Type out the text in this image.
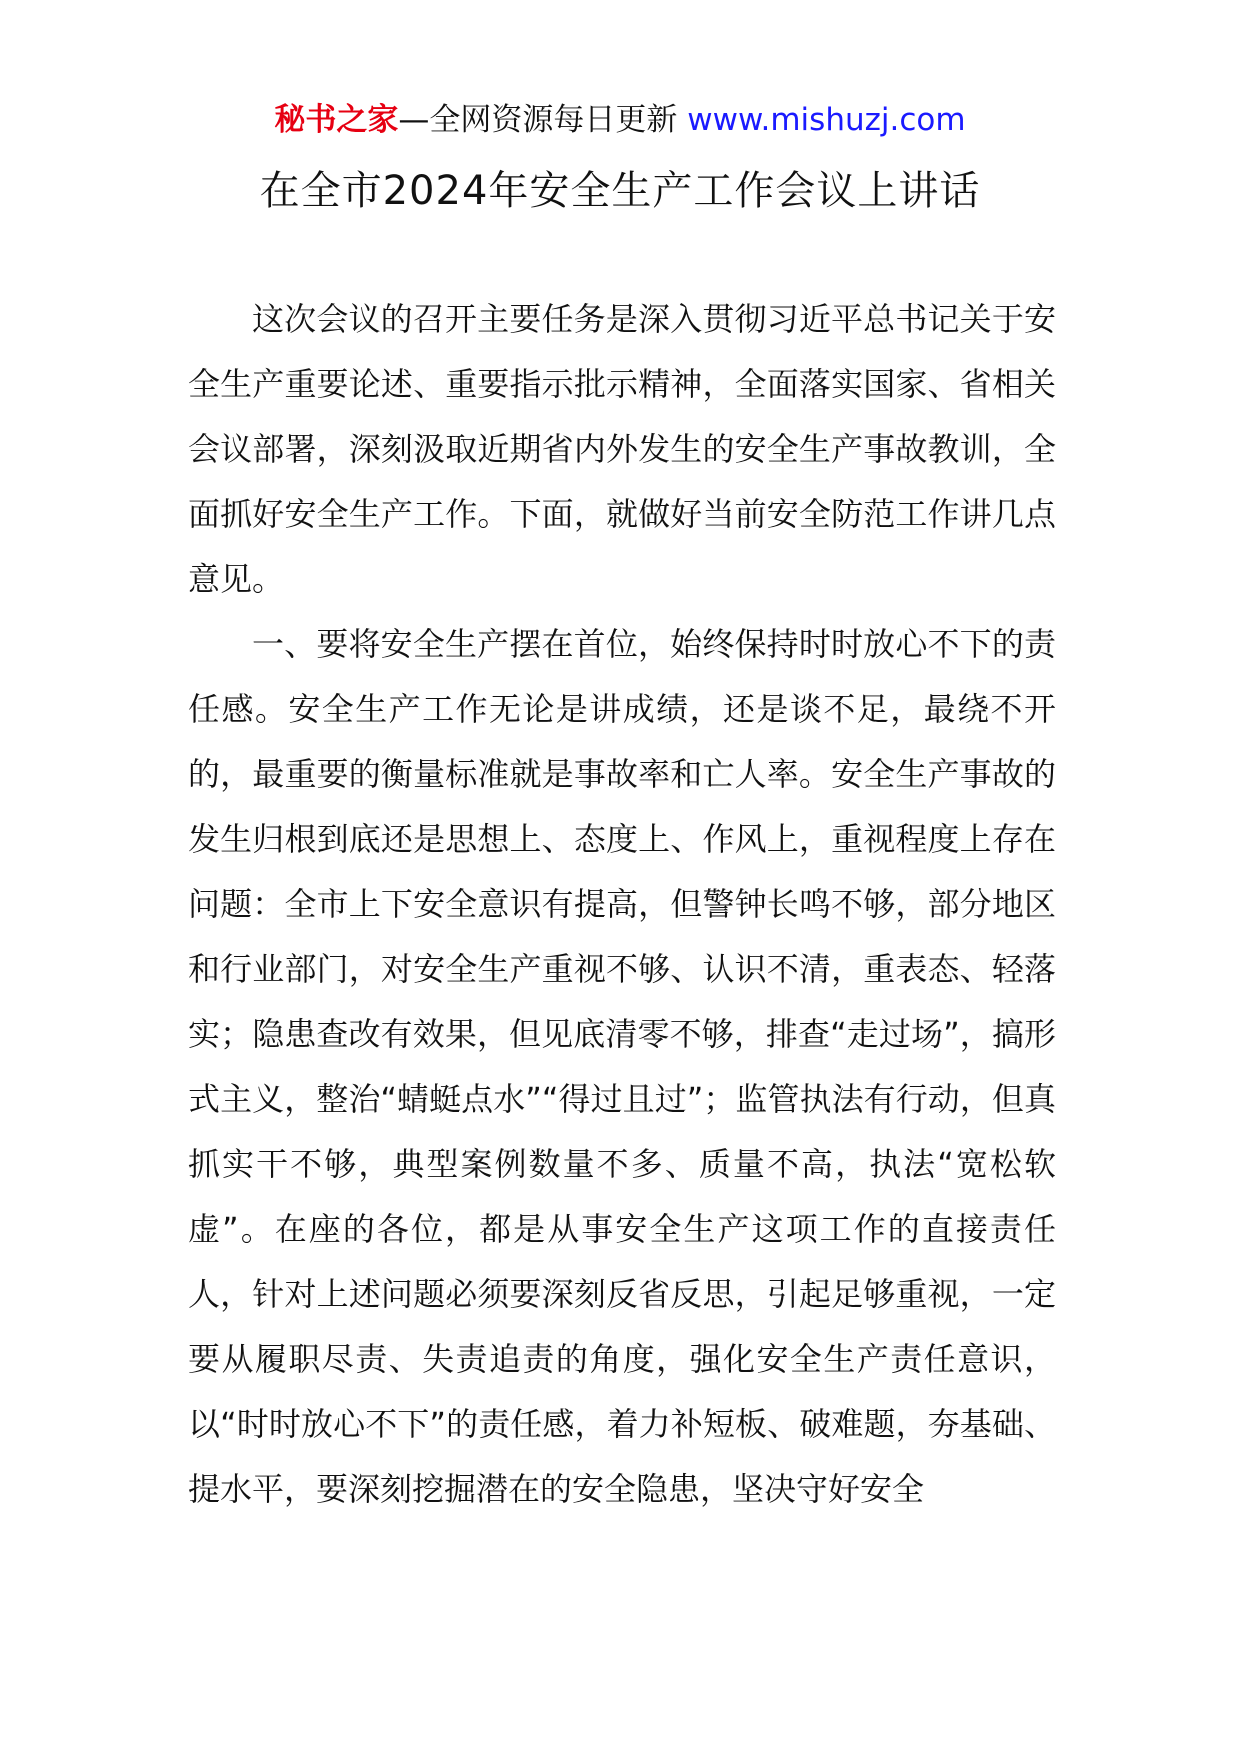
秘书之家—全网资源每日更新 www.mishuzj.com
在全市2024年安全生产工作会议上讲话

这次会议的召开主要任务是深入贯彻习近平总书记关于安全生产重要论述、重要指示批示精神，全面落实国家、省相关会议部署，深刻汲取近期省内外发生的安全生产事故教训，全面抓好安全生产工作。下面，就做好当前安全防范工作讲几点意见。

一、要将安全生产摆在首位，始终保持时时放心不下的责任感。安全生产工作无论是讲成绩，还是谈不足，最绕不开的，最重要的衡量标准就是事故率和亡人率。安全生产事故的发生归根到底还是思想上、态度上、作风上，重视程度上存在问题：全市上下安全意识有提高，但警钟长鸣不够，部分地区和行业部门，对安全生产重视不够、认识不清，重表态、轻落实；隐患查改有效果，但见底清零不够，排查“走过场”，搞形式主义，整治“蜻蜓点水”“得过且过”；监管执法有行动，但真抓实干不够，典型案例数量不多、质量不高，执法“宽松软虚”。在座的各位，都是从事安全生产这项工作的直接责任人，针对上述问题必须要深刻反省反思，引起足够重视，一定要从履职尽责、失责追责的角度，强化安全生产责任意识，以“时时放心不下”的责任感，着力补短板、破难题，夯基础、提水平，要深刻挖掘潜在的安全隐患，坚决守好安全
